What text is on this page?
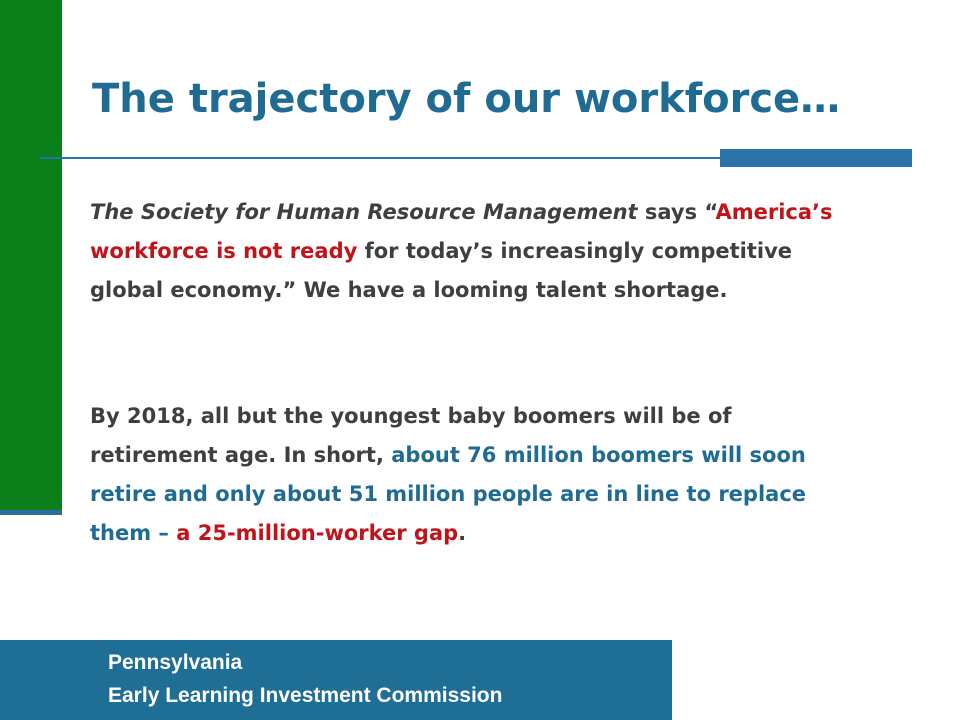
The trajectory of our workforce…

The Society for Human Resource Management says “America’s workforce is not ready for today’s increasingly competitive global economy.” We have a looming talent shortage.

By 2018, all but the youngest baby boomers will be of retirement age. In short, about 76 million boomers will soon retire and only about 51 million people are in line to replace them – a 25-million-worker gap.

Pennsylvania

Early Learning Investment Commission
